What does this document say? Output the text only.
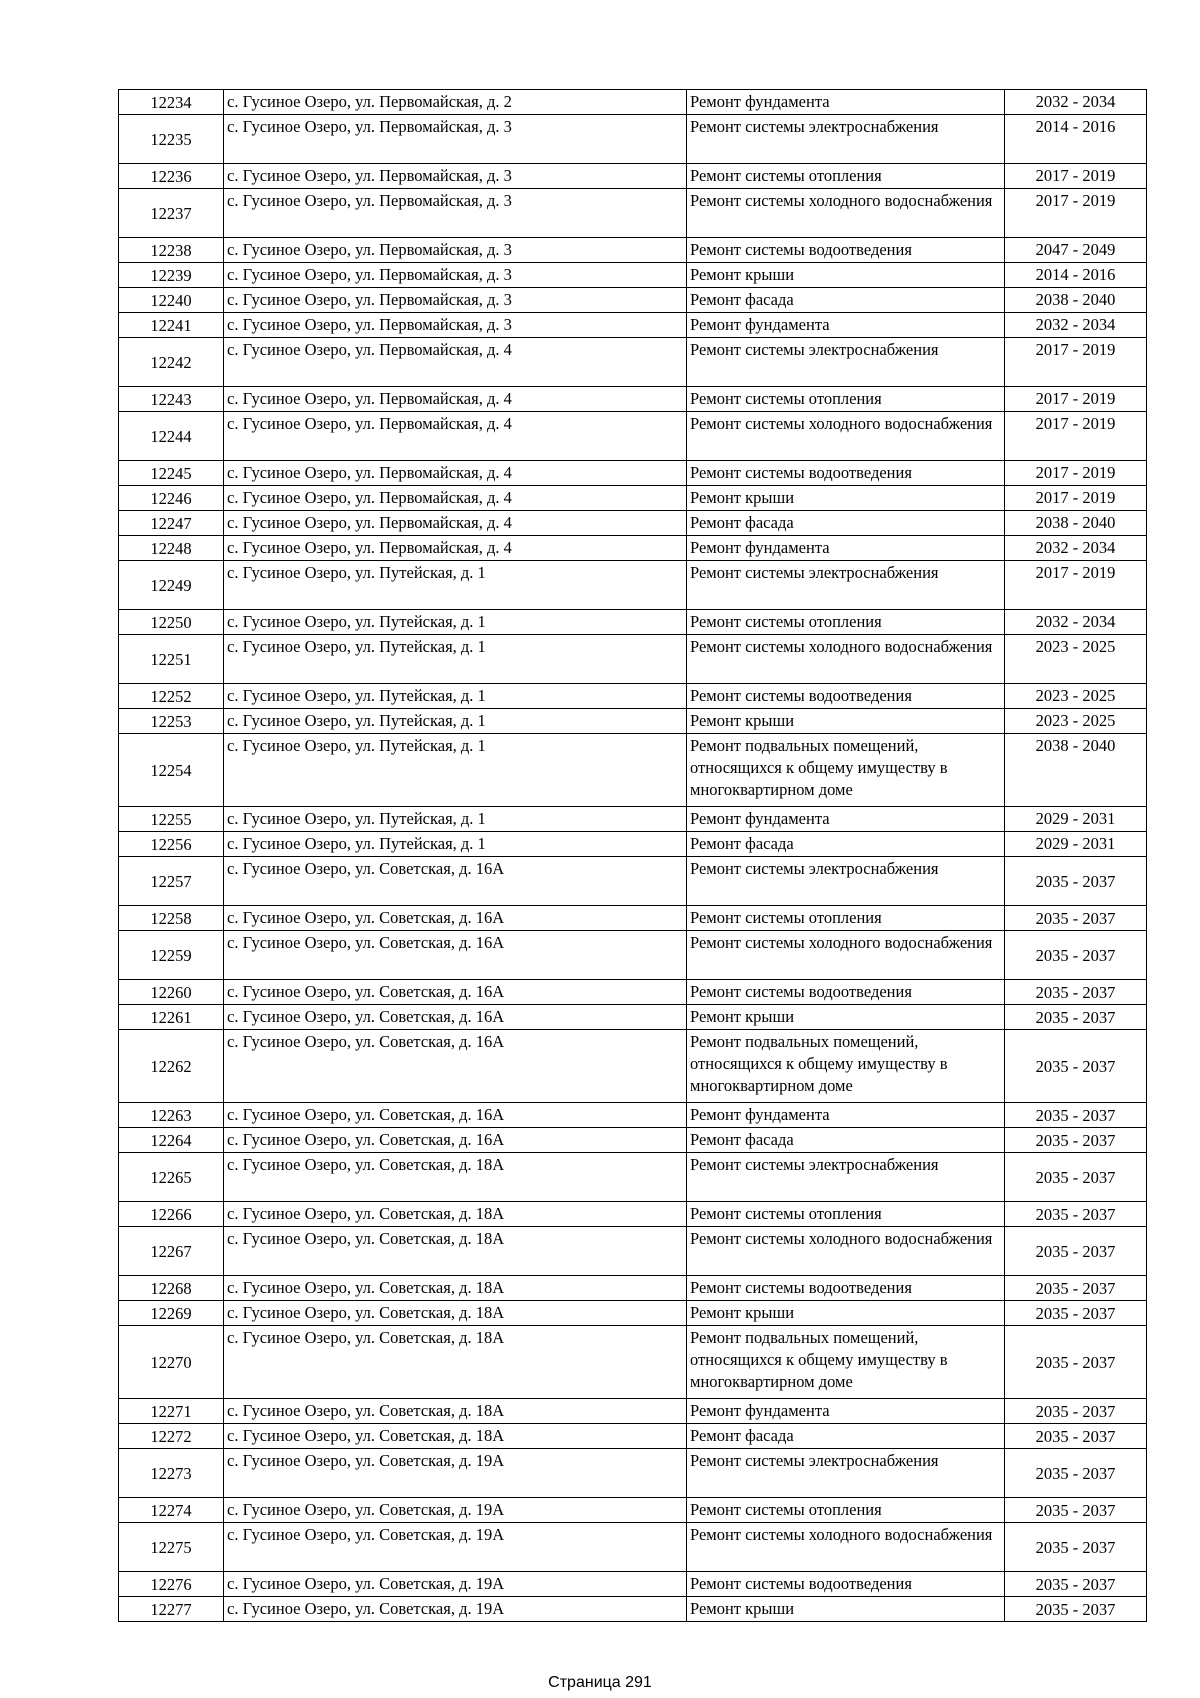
12234	с. Гусиное Озеро, ул. Первомайская, д. 2	Ремонт фундамента	2032 - 2034
12235	с. Гусиное Озеро, ул. Первомайская, д. 3	Ремонт системы электроснабжения	2014 - 2016
12236	с. Гусиное Озеро, ул. Первомайская, д. 3	Ремонт системы отопления	2017 - 2019
12237	с. Гусиное Озеро, ул. Первомайская, д. 3	Ремонт системы холодного водоснабжения	2017 - 2019
12238	с. Гусиное Озеро, ул. Первомайская, д. 3	Ремонт системы водоотведения	2047 - 2049
12239	с. Гусиное Озеро, ул. Первомайская, д. 3	Ремонт крыши	2014 - 2016
12240	с. Гусиное Озеро, ул. Первомайская, д. 3	Ремонт фасада	2038 - 2040
12241	с. Гусиное Озеро, ул. Первомайская, д. 3	Ремонт фундамента	2032 - 2034
12242	с. Гусиное Озеро, ул. Первомайская, д. 4	Ремонт системы электроснабжения	2017 - 2019
12243	с. Гусиное Озеро, ул. Первомайская, д. 4	Ремонт системы отопления	2017 - 2019
12244	с. Гусиное Озеро, ул. Первомайская, д. 4	Ремонт системы холодного водоснабжения	2017 - 2019
12245	с. Гусиное Озеро, ул. Первомайская, д. 4	Ремонт системы водоотведения	2017 - 2019
12246	с. Гусиное Озеро, ул. Первомайская, д. 4	Ремонт крыши	2017 - 2019
12247	с. Гусиное Озеро, ул. Первомайская, д. 4	Ремонт фасада	2038 - 2040
12248	с. Гусиное Озеро, ул. Первомайская, д. 4	Ремонт фундамента	2032 - 2034
12249	с. Гусиное Озеро, ул. Путейская, д. 1	Ремонт системы электроснабжения	2017 - 2019
12250	с. Гусиное Озеро, ул. Путейская, д. 1	Ремонт системы отопления	2032 - 2034
12251	с. Гусиное Озеро, ул. Путейская, д. 1	Ремонт системы холодного водоснабжения	2023 - 2025
12252	с. Гусиное Озеро, ул. Путейская, д. 1	Ремонт системы водоотведения	2023 - 2025
12253	с. Гусиное Озеро, ул. Путейская, д. 1	Ремонт крыши	2023 - 2025
12254	с. Гусиное Озеро, ул. Путейская, д. 1	Ремонт подвальных помещений, относящихся к общему имуществу в многоквартирном доме	2038 - 2040
12255	с. Гусиное Озеро, ул. Путейская, д. 1	Ремонт фундамента	2029 - 2031
12256	с. Гусиное Озеро, ул. Путейская, д. 1	Ремонт фасада	2029 - 2031
12257	с. Гусиное Озеро, ул. Советская, д. 16А	Ремонт системы электроснабжения	2035 - 2037
12258	с. Гусиное Озеро, ул. Советская, д. 16А	Ремонт системы отопления	2035 - 2037
12259	с. Гусиное Озеро, ул. Советская, д. 16А	Ремонт системы холодного водоснабжения	2035 - 2037
12260	с. Гусиное Озеро, ул. Советская, д. 16А	Ремонт системы водоотведения	2035 - 2037
12261	с. Гусиное Озеро, ул. Советская, д. 16А	Ремонт крыши	2035 - 2037
12262	с. Гусиное Озеро, ул. Советская, д. 16А	Ремонт подвальных помещений, относящихся к общему имуществу в многоквартирном доме	2035 - 2037
12263	с. Гусиное Озеро, ул. Советская, д. 16А	Ремонт фундамента	2035 - 2037
12264	с. Гусиное Озеро, ул. Советская, д. 16А	Ремонт фасада	2035 - 2037
12265	с. Гусиное Озеро, ул. Советская, д. 18А	Ремонт системы электроснабжения	2035 - 2037
12266	с. Гусиное Озеро, ул. Советская, д. 18А	Ремонт системы отопления	2035 - 2037
12267	с. Гусиное Озеро, ул. Советская, д. 18А	Ремонт системы холодного водоснабжения	2035 - 2037
12268	с. Гусиное Озеро, ул. Советская, д. 18А	Ремонт системы водоотведения	2035 - 2037
12269	с. Гусиное Озеро, ул. Советская, д. 18А	Ремонт крыши	2035 - 2037
12270	с. Гусиное Озеро, ул. Советская, д. 18А	Ремонт подвальных помещений, относящихся к общему имуществу в многоквартирном доме	2035 - 2037
12271	с. Гусиное Озеро, ул. Советская, д. 18А	Ремонт фундамента	2035 - 2037
12272	с. Гусиное Озеро, ул. Советская, д. 18А	Ремонт фасада	2035 - 2037
12273	с. Гусиное Озеро, ул. Советская, д. 19А	Ремонт системы электроснабжения	2035 - 2037
12274	с. Гусиное Озеро, ул. Советская, д. 19А	Ремонт системы отопления	2035 - 2037
12275	с. Гусиное Озеро, ул. Советская, д. 19А	Ремонт системы холодного водоснабжения	2035 - 2037
12276	с. Гусиное Озеро, ул. Советская, д. 19А	Ремонт системы водоотведения	2035 - 2037
12277	с. Гусиное Озеро, ул. Советская, д. 19А	Ремонт крыши	2035 - 2037
Страница 291
